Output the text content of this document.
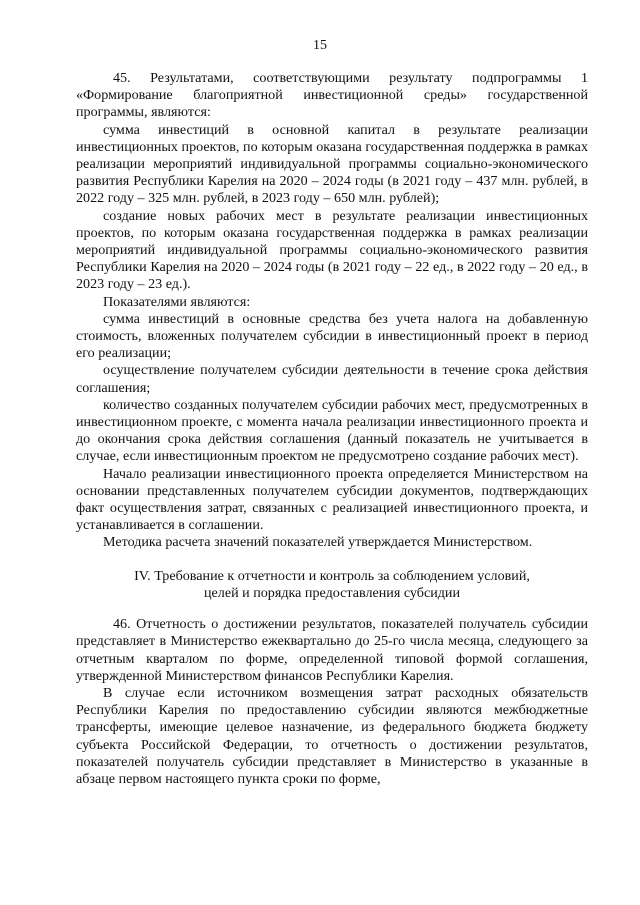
15

45. Результатами, соответствующими результату подпрограммы 1 «Формирование благоприятной инвестиционной среды» государственной программы, являются:

сумма инвестиций в основной капитал в результате реализации инвестиционных проектов, по которым оказана государственная поддержка в рамках реализации мероприятий индивидуальной программы социально-экономического развития Республики Карелия на 2020 – 2024 годы (в 2021 году – 437 млн. рублей, в 2022 году – 325 млн. рублей, в 2023 году – 650 млн. рублей);

создание новых рабочих мест в результате реализации инвестиционных проектов, по которым оказана государственная поддержка в рамках реализации мероприятий индивидуальной программы социально-экономического развития Республики Карелия на 2020 – 2024 годы (в 2021 году – 22 ед., в 2022 году – 20 ед., в 2023 году – 23 ед.).

Показателями являются:

сумма инвестиций в основные средства без учета налога на добавленную стоимость, вложенных получателем субсидии в инвестиционный проект в период его реализации;

осуществление получателем субсидии деятельности в течение срока действия соглашения;

количество созданных получателем субсидии рабочих мест, предусмотренных в инвестиционном проекте, с момента начала реализации инвестиционного проекта и до окончания срока действия соглашения (данный показатель не учитывается в случае, если инвестиционным проектом не предусмотрено создание рабочих мест).

Начало реализации инвестиционного проекта определяется Министерством на основании представленных получателем субсидии документов, подтверждающих факт осуществления затрат, связанных с реализацией инвестиционного проекта, и устанавливается в соглашении.

Методика расчета значений показателей утверждается Министерством.

IV. Требование к отчетности и контроль за соблюдением условий,
целей и порядка предоставления субсидии

46. Отчетность о достижении результатов, показателей получатель субсидии представляет в Министерство ежеквартально до 25-го числа месяца, следующего за отчетным кварталом по форме, определенной типовой формой соглашения, утвержденной Министерством финансов Республики Карелия.

В случае если источником возмещения затрат расходных обязательств Республики Карелия по предоставлению субсидии являются межбюджетные трансферты, имеющие целевое назначение, из федерального бюджета бюджету субъекта Российской Федерации, то отчетность о достижении результатов, показателей получатель субсидии представляет в Министерство в указанные в абзаце первом настоящего пункта сроки по форме,
